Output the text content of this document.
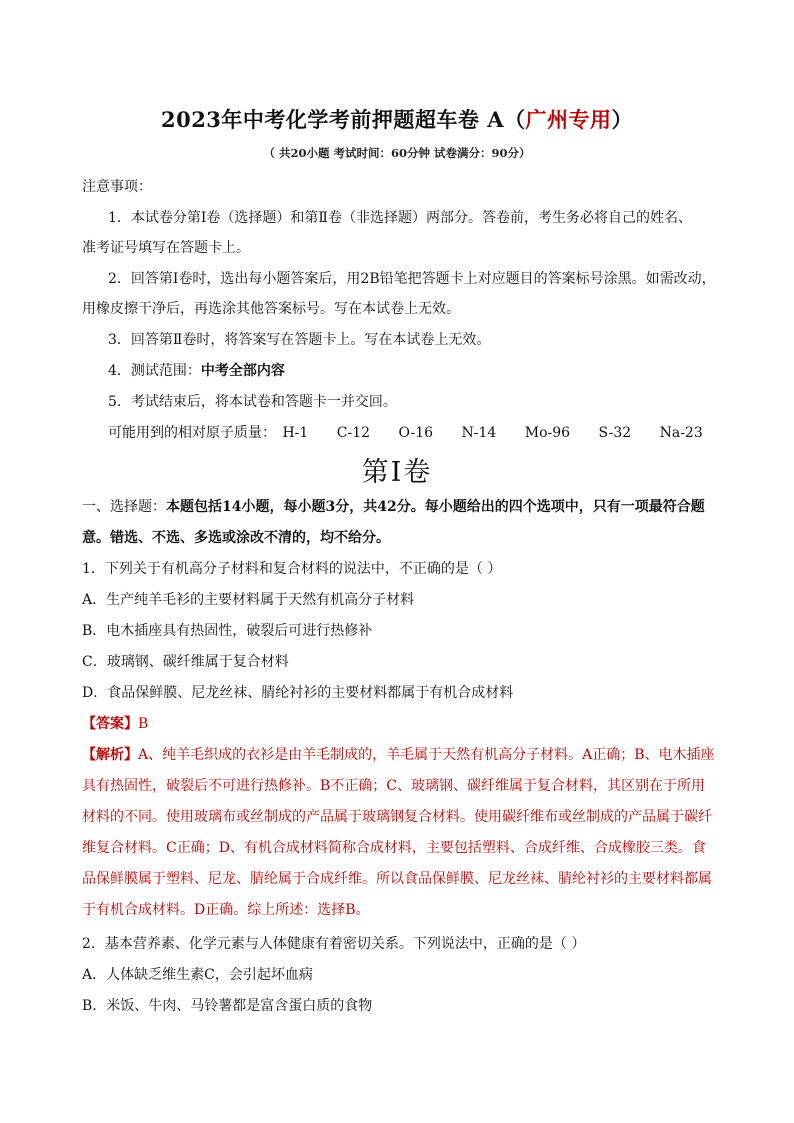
2023年中考化学考前押题超车卷 A（广州专用）
（ 共20小题 考试时间：60分钟 试卷满分：90分）
注意事项：
1．本试卷分第Ⅰ卷（选择题）和第Ⅱ卷（非选择题）两部分。答卷前，考生务必将自己的姓名、
准考证号填写在答题卡上。
2．回答第Ⅰ卷时，选出每小题答案后，用2B铅笔把答题卡上对应题目的答案标号涂黑。如需改动，
用橡皮擦干净后，再选涂其他答案标号。写在本试卷上无效。
3．回答第Ⅱ卷时，将答案写在答题卡上。写在本试卷上无效。
4．测试范围：中考全部内容
5．考试结束后，将本试卷和答题卡一并交回。
可能用到的相对原子质量： H-1 C-12 O-16 N-14 Mo-96 S-32 Na-23
第Ⅰ卷
一、选择题：本题包括14小题，每小题3分，共42分。每小题给出的四个选项中，只有一项最符合题
意。错选、不选、多选或涂改不清的，均不给分。
1．下列关于有机高分子材料和复合材料的说法中，不正确的是（ ）
A．生产纯羊毛衫的主要材料属于天然有机高分子材料
B．电木插座具有热固性，破裂后可进行热修补
C．玻璃钢、碳纤维属于复合材料
D．食品保鲜膜、尼龙丝袜、腈纶衬衫的主要材料都属于有机合成材料
【答案】B
【解析】A、纯羊毛织成的衣衫是由羊毛制成的，羊毛属于天然有机高分子材料。A正确；B、电木插座
具有热固性，破裂后不可进行热修补。B不正确；C、玻璃钢、碳纤维属于复合材料，其区别在于所用
材料的不同。使用玻璃布或丝制成的产品属于玻璃钢复合材料。使用碳纤维布或丝制成的产品属于碳纤
维复合材料。C正确；D、有机合成材料简称合成材料，主要包括塑料、合成纤维、合成橡胶三类。食
品保鲜膜属于塑料、尼龙、腈纶属于合成纤维。所以食品保鲜膜、尼龙丝袜、腈纶衬衫的主要材料都属
于有机合成材料。D正确。综上所述：选择B。
2．基本营养素、化学元素与人体健康有着密切关系。下列说法中，正确的是（ ）
A．人体缺乏维生素C，会引起坏血病
B．米饭、牛肉、马铃薯都是富含蛋白质的食物
